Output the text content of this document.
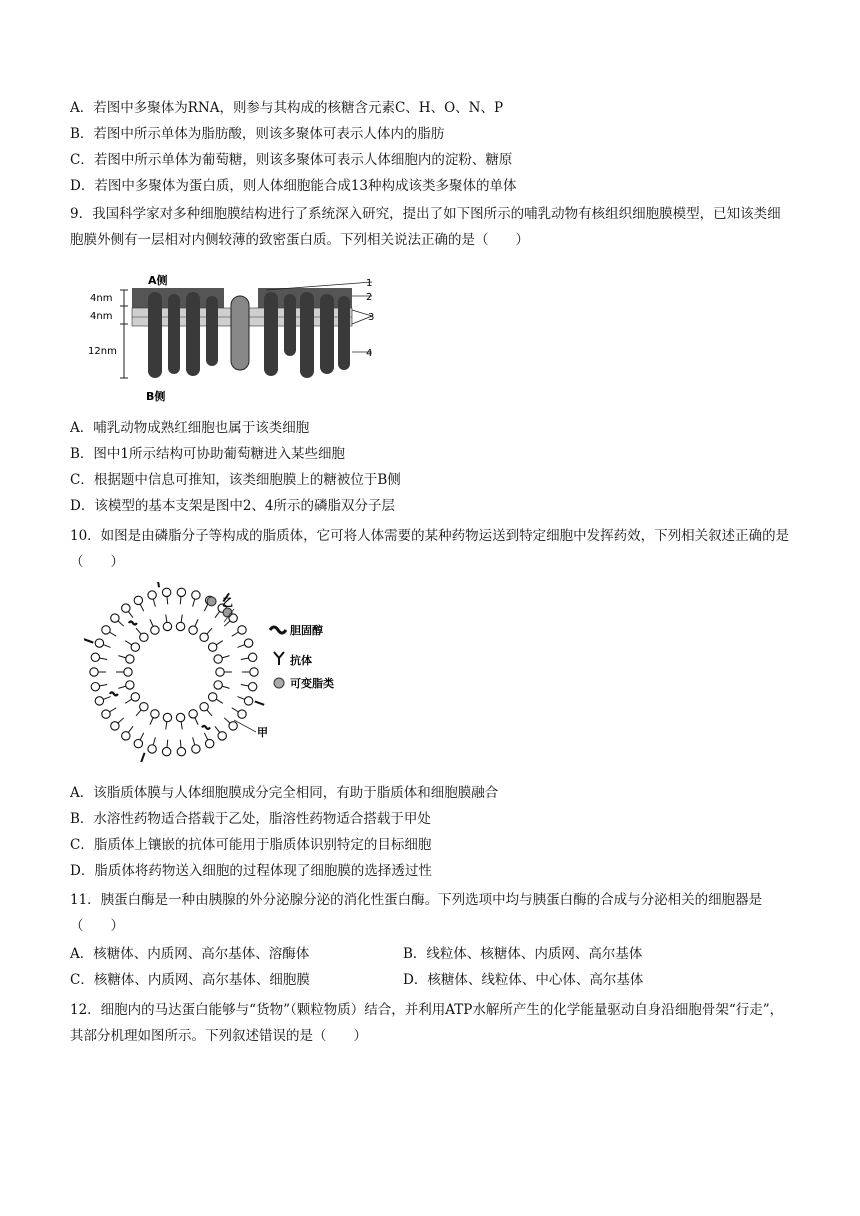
A．若图中多聚体为RNA，则参与其构成的核糖含元素C、H、O、N、P
B．若图中所示单体为脂肪酸，则该多聚体可表示人体内的脂肪
C．若图中所示单体为葡萄糖，则该多聚体可表示人体细胞内的淀粉、糖原
D．若图中多聚体为蛋白质，则人体细胞能合成13种构成该类多聚体的单体
9．我国科学家对多种细胞膜结构进行了系统深入研究，提出了如下图所示的哺乳动物有核组织细胞膜模型，已知该类细胞膜外侧有一层相对内侧较薄的致密蛋白质。下列相关说法正确的是（　　）
4nm
4nm
12nm
A侧
B侧
1
2
3
4
A．哺乳动物成熟红细胞也属于该类细胞
B．图中1所示结构可协助葡萄糖进入某些细胞
C．根据题中信息可推知，该类细胞膜上的糖被位于B侧
D．该模型的基本支架是图中2、4所示的磷脂双分子层
10．如图是由磷脂分子等构成的脂质体，它可将人体需要的某种药物运送到特定细胞中发挥药效，下列相关叙述正确的是（　　）
乙
甲
胆固醇
抗体
可变脂类
A．该脂质体膜与人体细胞膜成分完全相同，有助于脂质体和细胞膜融合
B．水溶性药物适合搭载于乙处，脂溶性药物适合搭载于甲处
C．脂质体上镶嵌的抗体可能用于脂质体识别特定的目标细胞
D．脂质体将药物送入细胞的过程体现了细胞膜的选择透过性
11．胰蛋白酶是一种由胰腺的外分泌腺分泌的消化性蛋白酶。下列选项中均与胰蛋白酶的合成与分泌相关的细胞器是（　　）
A．核糖体、内质网、高尔基体、溶酶体	B．线粒体、核糖体、内质网、高尔基体
C．核糖体、内质网、高尔基体、细胞膜	D．核糖体、线粒体、中心体、高尔基体
12．细胞内的马达蛋白能够与“货物”（颗粒物质）结合，并利用ATP水解所产生的化学能量驱动自身沿细胞骨架“行走”，其部分机理如图所示。下列叙述错误的是（　　）
